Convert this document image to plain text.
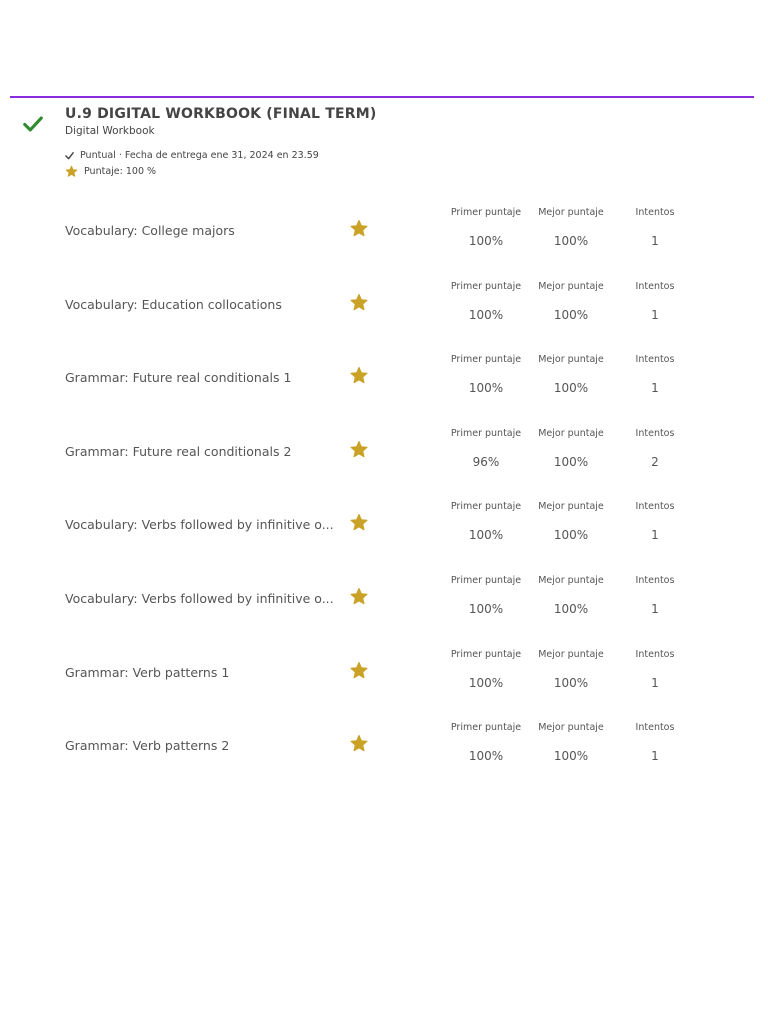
U.9 DIGITAL WORKBOOK (FINAL TERM)
Digital Workbook
Puntual · Fecha de entrega ene 31, 2024 en 23.59
Puntaje: 100 %
Vocabulary: College majors
Primer puntaje
100%
Mejor puntaje
100%
Intentos
1
Vocabulary: Education collocations
Primer puntaje
100%
Mejor puntaje
100%
Intentos
1
Grammar: Future real conditionals 1
Primer puntaje
100%
Mejor puntaje
100%
Intentos
1
Grammar: Future real conditionals 2
Primer puntaje
96%
Mejor puntaje
100%
Intentos
2
Vocabulary: Verbs followed by infinitive o...
Primer puntaje
100%
Mejor puntaje
100%
Intentos
1
Vocabulary: Verbs followed by infinitive o...
Primer puntaje
100%
Mejor puntaje
100%
Intentos
1
Grammar: Verb patterns 1
Primer puntaje
100%
Mejor puntaje
100%
Intentos
1
Grammar: Verb patterns 2
Primer puntaje
100%
Mejor puntaje
100%
Intentos
1
